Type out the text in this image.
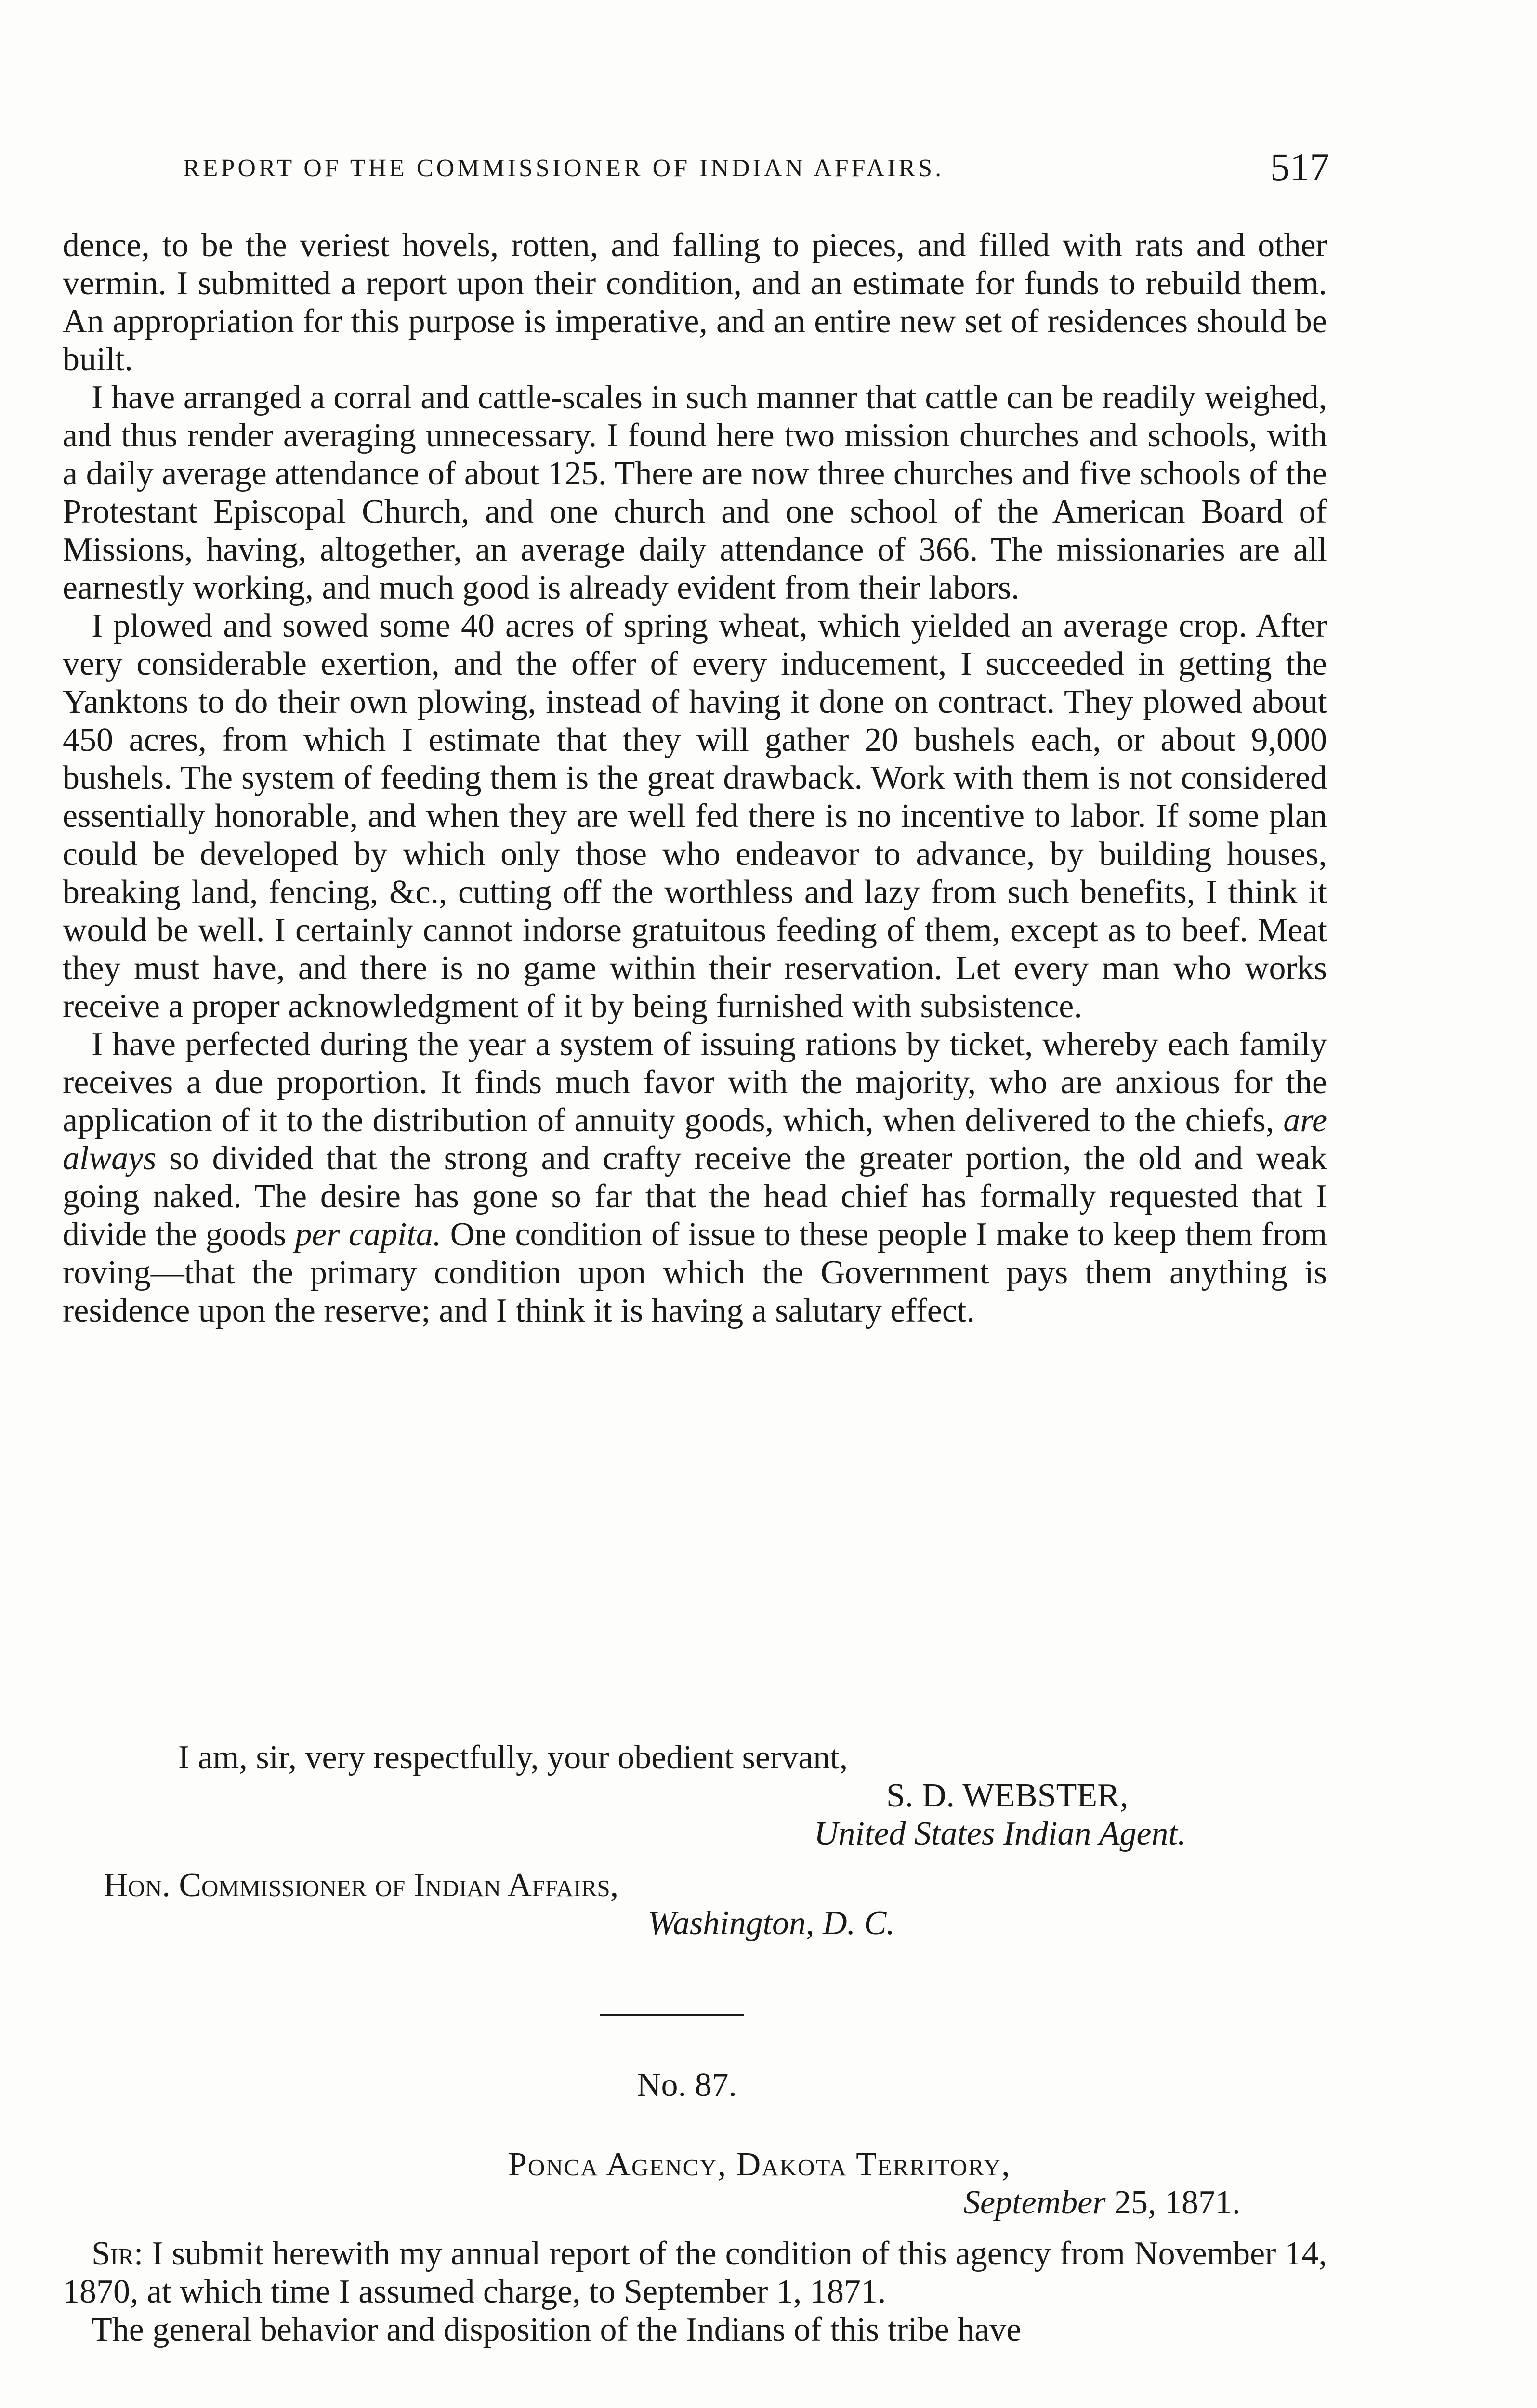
REPORT OF THE COMMISSIONER OF INDIAN AFFAIRS.	517

dence, to be the veriest hovels, rotten, and falling to pieces, and filled with rats and other vermin. I submitted a report upon their condition, and an estimate for funds to rebuild them. An appropriation for this purpose is imperative, and an entire new set of residences should be built.

I have arranged a corral and cattle-scales in such manner that cattle can be readily weighed, and thus render averaging unnecessary. I found here two mission churches and schools, with a daily average attendance of about 125. There are now three churches and five schools of the Protestant Episcopal Church, and one church and one school of the American Board of Missions, having, altogether, an average daily attendance of 366. The missionaries are all earnestly working, and much good is already evident from their labors.

I plowed and sowed some 40 acres of spring wheat, which yielded an average crop. After very considerable exertion, and the offer of every inducement, I succeeded in getting the Yanktons to do their own plowing, instead of having it done on contract. They plowed about 450 acres, from which I estimate that they will gather 20 bushels each, or about 9,000 bushels. The system of feeding them is the great drawback. Work with them is not considered essentially honorable, and when they are well fed there is no incentive to labor. If some plan could be developed by which only those who endeavor to advance, by building houses, breaking land, fencing, &c., cutting off the worthless and lazy from such benefits, I think it would be well. I certainly cannot indorse gratuitous feeding of them, except as to beef. Meat they must have, and there is no game within their reservation. Let every man who works receive a proper acknowledgment of it by being furnished with subsistence.

I have perfected during the year a system of issuing rations by ticket, whereby each family receives a due proportion. It finds much favor with the majority, who are anxious for the application of it to the distribution of annuity goods, which, when delivered to the chiefs, are always so divided that the strong and crafty receive the greater portion, the old and weak going naked. The desire has gone so far that the head chief has formally requested that I divide the goods per capita. One condition of issue to these people I make to keep them from roving—that the primary condition upon which the Government pays them anything is residence upon the reserve; and I think it is having a salutary effect.

I am, sir, very respectfully, your obedient servant,
S. D. WEBSTER,
United States Indian Agent.
Hon. Commissioner of Indian Affairs,
Washington, D. C.
No. 87.
Ponca Agency, Dakota Territory,
September 25, 1871.

Sir: I submit herewith my annual report of the condition of this agency from November 14, 1870, at which time I assumed charge, to September 1, 1871.

The general behavior and disposition of the Indians of this tribe have
